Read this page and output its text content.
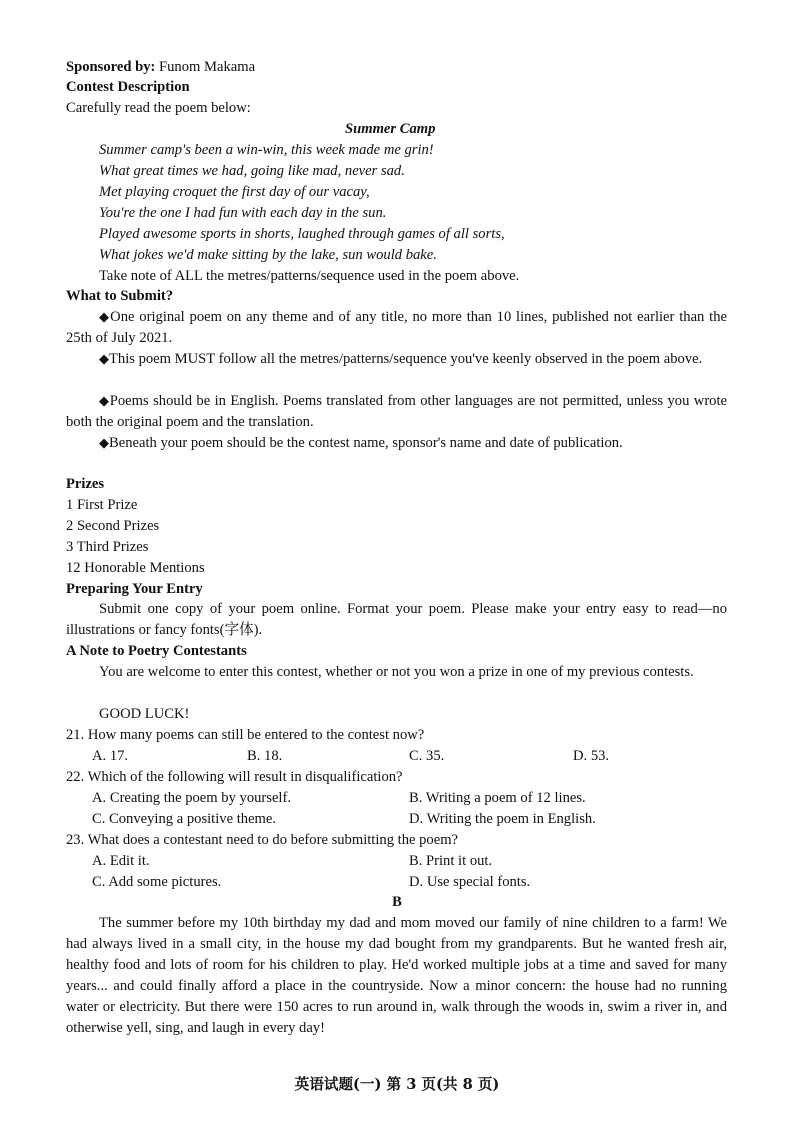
Sponsored by: Funom Makama
Contest Description
Carefully read the poem below:
Summer Camp
Summer camp's been a win-win, this week made me grin!
What great times we had, going like mad, never sad.
Met playing croquet the first day of our vacay,
You're the one I had fun with each day in the sun.
Played awesome sports in shorts, laughed through games of all sorts,
What jokes we'd make sitting by the lake, sun would bake.
Take note of ALL the metres/patterns/sequence used in the poem above.
What to Submit?
◆One original poem on any theme and of any title, no more than 10 lines, published not earlier than the 25th of July 2021.
◆This poem MUST follow all the metres/patterns/sequence you've keenly observed in the poem above.
◆Poems should be in English. Poems translated from other languages are not permitted, unless you wrote both the original poem and the translation.
◆Beneath your poem should be the contest name, sponsor's name and date of publication.
Prizes
1 First Prize
2 Second Prizes
3 Third Prizes
12 Honorable Mentions
Preparing Your Entry
Submit one copy of your poem online. Format your poem. Please make your entry easy to read—no illustrations or fancy fonts(字体).
A Note to Poetry Contestants
You are welcome to enter this contest, whether or not you won a prize in one of my previous contests.
GOOD LUCK!
21. How many poems can still be entered to the contest now?
A. 17.	B. 18.	C. 35.	D. 53.
22. Which of the following will result in disqualification?
A. Creating the poem by yourself.	B. Writing a poem of 12 lines.
C. Conveying a positive theme.	D. Writing the poem in English.
23. What does a contestant need to do before submitting the poem?
A. Edit it.	B. Print it out.
C. Add some pictures.	D. Use special fonts.
B
The summer before my 10th birthday my dad and mom moved our family of nine children to a farm! We had always lived in a small city, in the house my dad bought from my grandparents. But he wanted fresh air, healthy food and lots of room for his children to play. He'd worked multiple jobs at a time and saved for many years... and could finally afford a place in the countryside. Now a minor concern: the house had no running water or electricity. But there were 150 acres to run around in, walk through the woods in, swim a river in, and otherwise yell, sing, and laugh in every day!
英语试题(一) 第 3 页(共 8 页)
